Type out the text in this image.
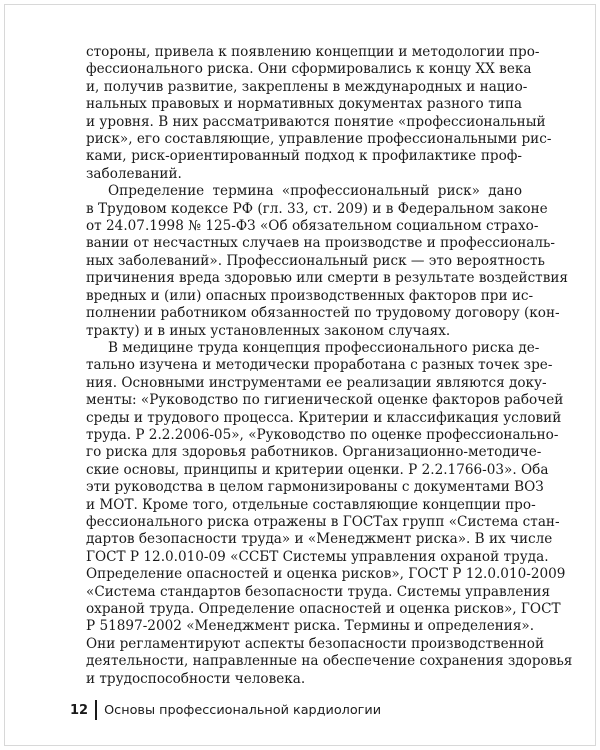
стороны, привела к появлению концепции и методологии про-
фессионального риска. Они сформировались к концу XX века
и, получив развитие, закреплены в международных и нацио-
нальных правовых и нормативных документах разного типа
и уровня. В них рассматриваются понятие «профессиональный
риск», его составляющие, управление профессиональными рис-
ками, риск-ориентированный подход к профилактике проф-
заболеваний.

Определение термина «профессиональный риск» дано
в Трудовом кодексе РФ (гл. 33, ст. 209) и в Федеральном законе
от 24.07.1998 № 125-ФЗ «Об обязательном социальном страхо-
вании от несчастных случаев на производстве и профессиональ-
ных заболеваний». Профессиональный риск — это вероятность
причинения вреда здоровью или смерти в результате воздействия
вредных и (или) опасных производственных факторов при ис-
полнении работником обязанностей по трудовому договору (кон-
тракту) и в иных установленных законом случаях.

В медицине труда концепция профессионального риска де-
тально изучена и методически проработана с разных точек зре-
ния. Основными инструментами ее реализации являются доку-
менты: «Руководство по гигиенической оценке факторов рабочей
среды и трудового процесса. Критерии и классификация условий
труда. Р 2.2.2006-05», «Руководство по оценке профессионально-
го риска для здоровья работников. Организационно-методиче-
ские основы, принципы и критерии оценки. Р 2.2.1766-03». Оба
эти руководства в целом гармонизированы с документами ВОЗ
и МОТ. Кроме того, отдельные составляющие концепции про-
фессионального риска отражены в ГОСТах групп «Система стан-
дартов безопасности труда» и «Менеджмент риска». В их числе
ГОСТ Р 12.0.010-09 «ССБТ Системы управления охраной труда.
Определение опасностей и оценка рисков», ГОСТ Р 12.0.010-2009
«Система стандартов безопасности труда. Системы управления
охраной труда. Определение опасностей и оценка рисков», ГОСТ
Р 51897-2002 «Менеджмент риска. Термины и определения».
Они регламентируют аспекты безопасности производственной
деятельности, направленные на обеспечение сохранения здоровья
и трудоспособности человека.

12 Основы профессиональной кардиологии
